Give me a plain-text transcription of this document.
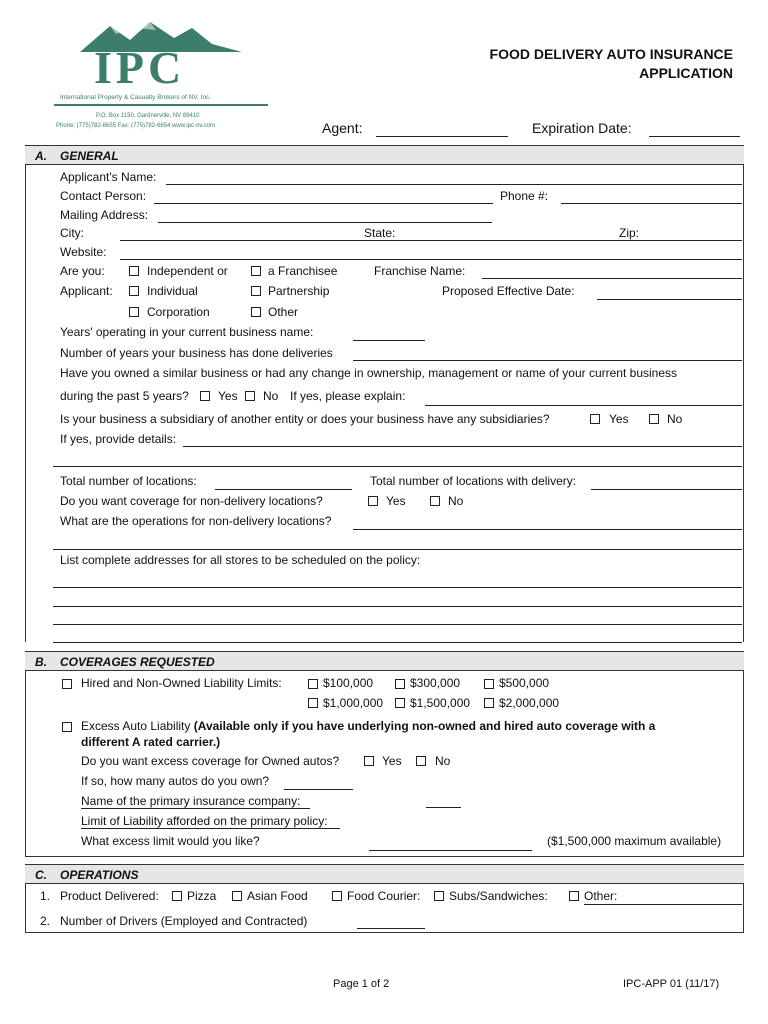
IPC
International Property & Casualty Brokers of NV, Inc.
P.O. Box 1150, Gardnerville, NV 89410
Phone: (775)782-6655 Fax: (775)782-6654 www.ipc-nv.com
FOOD DELIVERY AUTO INSURANCE
APPLICATION
Agent:	Expiration Date:
A. GENERAL
Applicant's Name:
Contact Person:	Phone #:
Mailing Address:
City:	State:	Zip:
Website:
Are you:	Independent or	a Franchisee	Franchise Name:
Applicant:	Individual	Partnership	Proposed Effective Date:
Corporation	Other
Years' operating in your current business name:
Number of years your business has done deliveries
Have you owned a similar business or had any change in ownership, management or name of your current business
during the past 5 years? Yes No If yes, please explain:
Is your business a subsidiary of another entity or does your business have any subsidiaries?	Yes	No
If yes, provide details:
Total number of locations:	Total number of locations with delivery:
Do you want coverage for non-delivery locations?	Yes	No
What are the operations for non-delivery locations?
List complete addresses for all stores to be scheduled on the policy:
B. COVERAGES REQUESTED
Hired and Non-Owned Liability Limits:	$100,000	$300,000	$500,000
$1,000,000 $1,500,000 $2,000,000
Excess Auto Liability (Available only if you have underlying non-owned and hired auto coverage with a
different A rated carrier.)
Do you want excess coverage for Owned autos?	Yes	No
If so, how many autos do you own?
Name of the primary insurance company:
Limit of Liability afforded on the primary policy:
What excess limit would you like?	($1,500,000 maximum available)
C. OPERATIONS
1. Product Delivered: Pizza	Asian Food	Food Courier: Subs/Sandwiches:	Other:
2. Number of Drivers (Employed and Contracted)
Page 1 of 2	IPC-APP 01 (11/17)
